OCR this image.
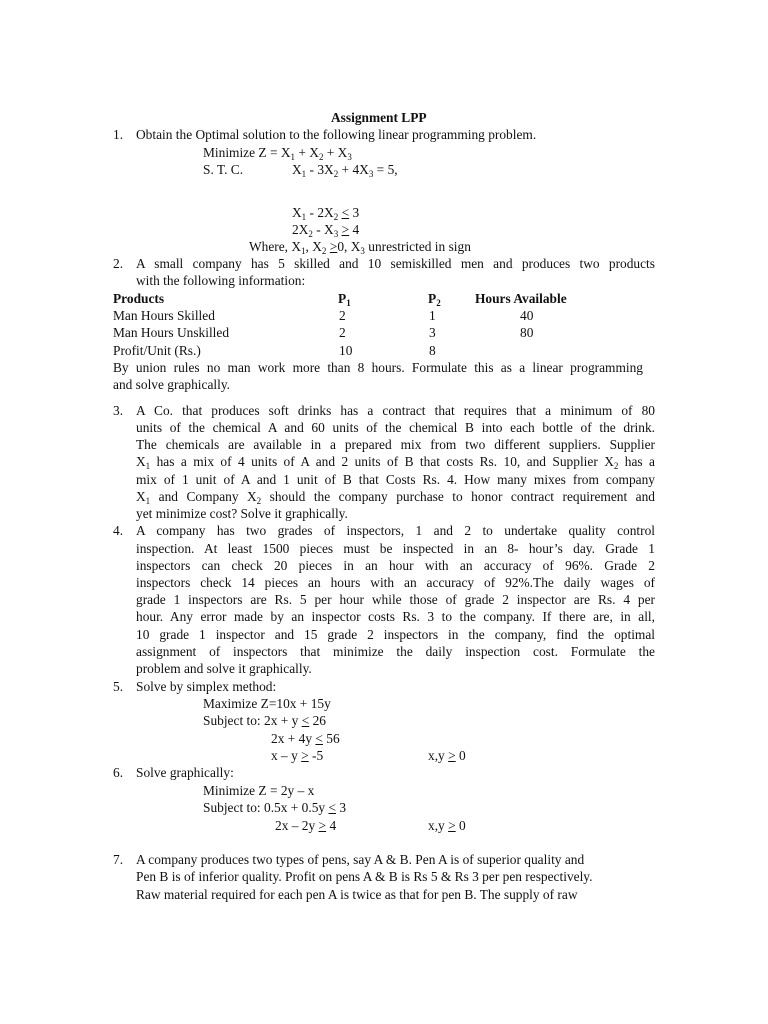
Assignment LPP
1. Obtain the Optimal solution to the following linear programming problem.
Minimize $Z = X_1 + X_2 + X_3$
S. T. C.	$X_1 - 3X_2 + 4X_3 = 5$,
$X_1 - 2X_2 < 3$
$2X_2 - X_3 > 4$
Where, $X_1$, $X_2 >0$, $X_3$ unrestricted in sign
2. A small company has 5 skilled and 10 semiskilled men and produces two products
with the following information:
Products	$P_1$	$P_2$	Hours Available
Man Hours Skilled	2	1	40
Man Hours Unskilled	2	3	80
Profit/Unit (Rs.)	10	8
By union rules no man work more than 8 hours. Formulate this as a linear programming
and solve graphically.
3. A Co. that produces soft drinks has a contract that requires that a minimum of 80
units of the chemical A and 60 units of the chemical B into each bottle of the drink.
The chemicals are available in a prepared mix from two different suppliers. Supplier
$X_1$ has a mix of 4 units of A and 2 units of B that costs Rs. 10, and Supplier $X_2$ has a
mix of 1 unit of A and 1 unit of B that Costs Rs. 4. How many mixes from company
$X_1$ and Company $X_2$ should the company purchase to honor contract requirement and
yet minimize cost? Solve it graphically.
4. A company has two grades of inspectors, 1 and 2 to undertake quality control
inspection. At least 1500 pieces must be inspected in an 8- hour’s day. Grade 1
inspectors can check 20 pieces in an hour with an accuracy of 96%. Grade 2
inspectors check 14 pieces an hours with an accuracy of 92%.The daily wages of
grade 1 inspectors are Rs. 5 per hour while those of grade 2 inspector are Rs. 4 per
hour. Any error made by an inspector costs Rs. 3 to the company. If there are, in all,
10 grade 1 inspector and 15 grade 2 inspectors in the company, find the optimal
assignment of inspectors that minimize the daily inspection cost. Formulate the
problem and solve it graphically.
5. Solve by simplex method:
Maximize Z=10x + 15y
Subject to: 2x + y < 26
2x + 4y < 56
x – y > -5	x,y > 0
6. Solve graphically:
Minimize Z = 2y – x
Subject to: 0.5x + 0.5y < 3
2x – 2y > 4	x,y > 0
7. A company produces two types of pens, say A & B. Pen A is of superior quality and
Pen B is of inferior quality. Profit on pens A & B is Rs 5 & Rs 3 per pen respectively.
Raw material required for each pen A is twice as that for pen B. The supply of raw
